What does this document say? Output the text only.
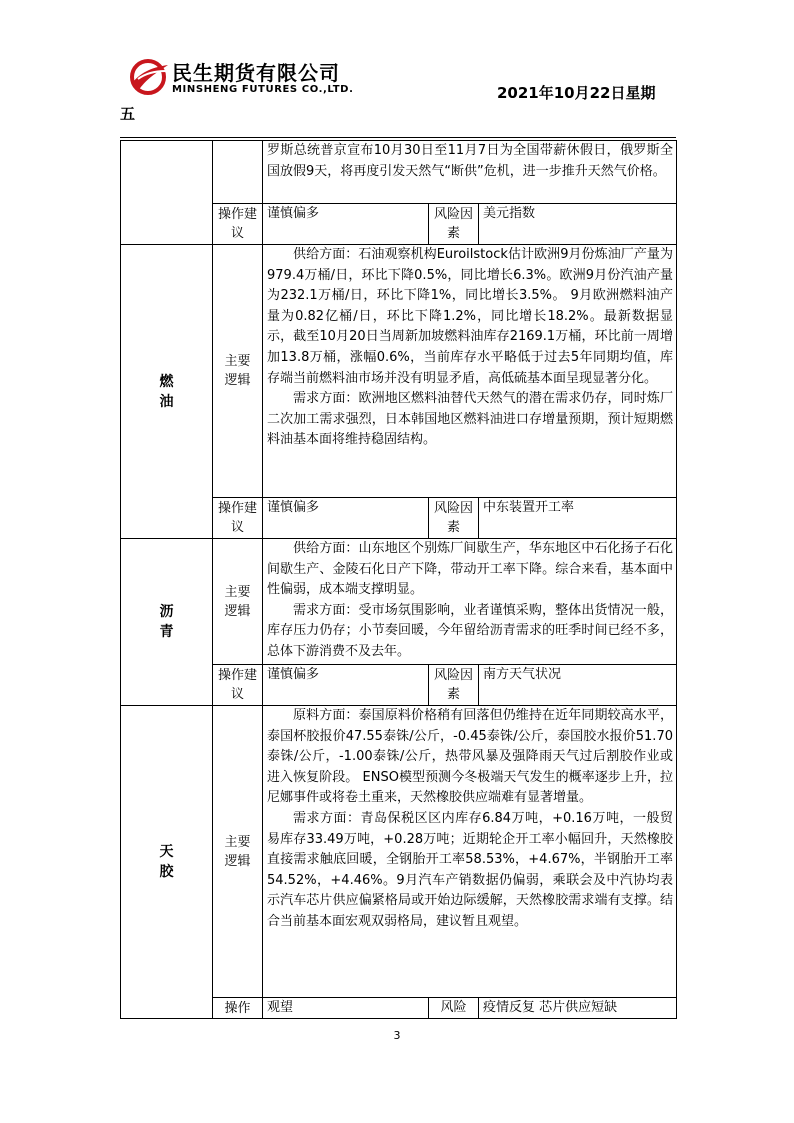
民生期货有限公司
MINSHENG FUTURES CO.,LTD.	2021年10月22日星期
五

		罗斯总统普京宣布10月30日至11月7日为全国带薪休假日，俄罗斯全国放假9天，将再度引发天然气“断供”危机，进一步推升天然气价格。		

	操作建议	谨慎偏多	风险因素	美元指数

燃油	主要逻辑	供给方面：石油观察机构Euroilstock估计欧洲9月份炼油厂产量为979.4万桶/日，环比下降0.5%，同比增长6.3%。欧洲9月份汽油产量为232.1万桶/日，环比下降1%，同比增长3.5%。 9月欧洲燃料油产量为0.82亿桶/日，环比下降1.2%，同比增长18.2%。最新数据显示，截至10月20日当周新加坡燃料油库存2169.1万桶，环比前一周增加13.8万桶，涨幅0.6%，当前库存水平略低于过去5年同期均值，库存端当前燃料油市场并没有明显矛盾，高低硫基本面呈现显著分化。

需求方面：欧洲地区燃料油替代天然气的潜在需求仍存，同时炼厂二次加工需求强烈，日本韩国地区燃料油进口存增量预期，预计短期燃料油基本面将维持稳固结构。		

	操作建议	谨慎偏多	风险因素	中东装置开工率

沥青	主要逻辑	供给方面：山东地区个别炼厂间歇生产，华东地区中石化扬子石化间歇生产、金陵石化日产下降，带动开工率下降。综合来看，基本面中性偏弱，成本端支撑明显。

需求方面：受市场氛围影响，业者谨慎采购，整体出货情况一般，库存压力仍存；小节奏回暖，今年留给沥青需求的旺季时间已经不多，总体下游消费不及去年。		

	操作建议	谨慎偏多	风险因素	南方天气状况

天胶	主要逻辑	原料方面：泰国原料价格稍有回落但仍维持在近年同期较高水平，泰国杯胶报价47.55泰铢/公斤，-0.45泰铢/公斤，泰国胶水报价51.70泰铢/公斤，-1.00泰铢/公斤，热带风暴及强降雨天气过后割胶作业或进入恢复阶段。 ENSO模型预测今冬极端天气发生的概率逐步上升，拉尼娜事件或将卷土重来，天然橡胶供应端难有显著增量。

需求方面：青岛保税区区内库存6.84万吨，+0.16万吨，一般贸易库存33.49万吨，+0.28万吨；近期轮企开工率小幅回升，天然橡胶直接需求触底回暖，全钢胎开工率58.53%，+4.67%，半钢胎开工率54.52%，+4.46%。9月汽车产销数据仍偏弱，乘联会及中汽协均表示汽车芯片供应偏紧格局或开始边际缓解，天然橡胶需求端有支撑。结合当前基本面宏观双弱格局，建议暂且观望。		

	操作	观望	风险	疫情反复 芯片供应短缺
3
